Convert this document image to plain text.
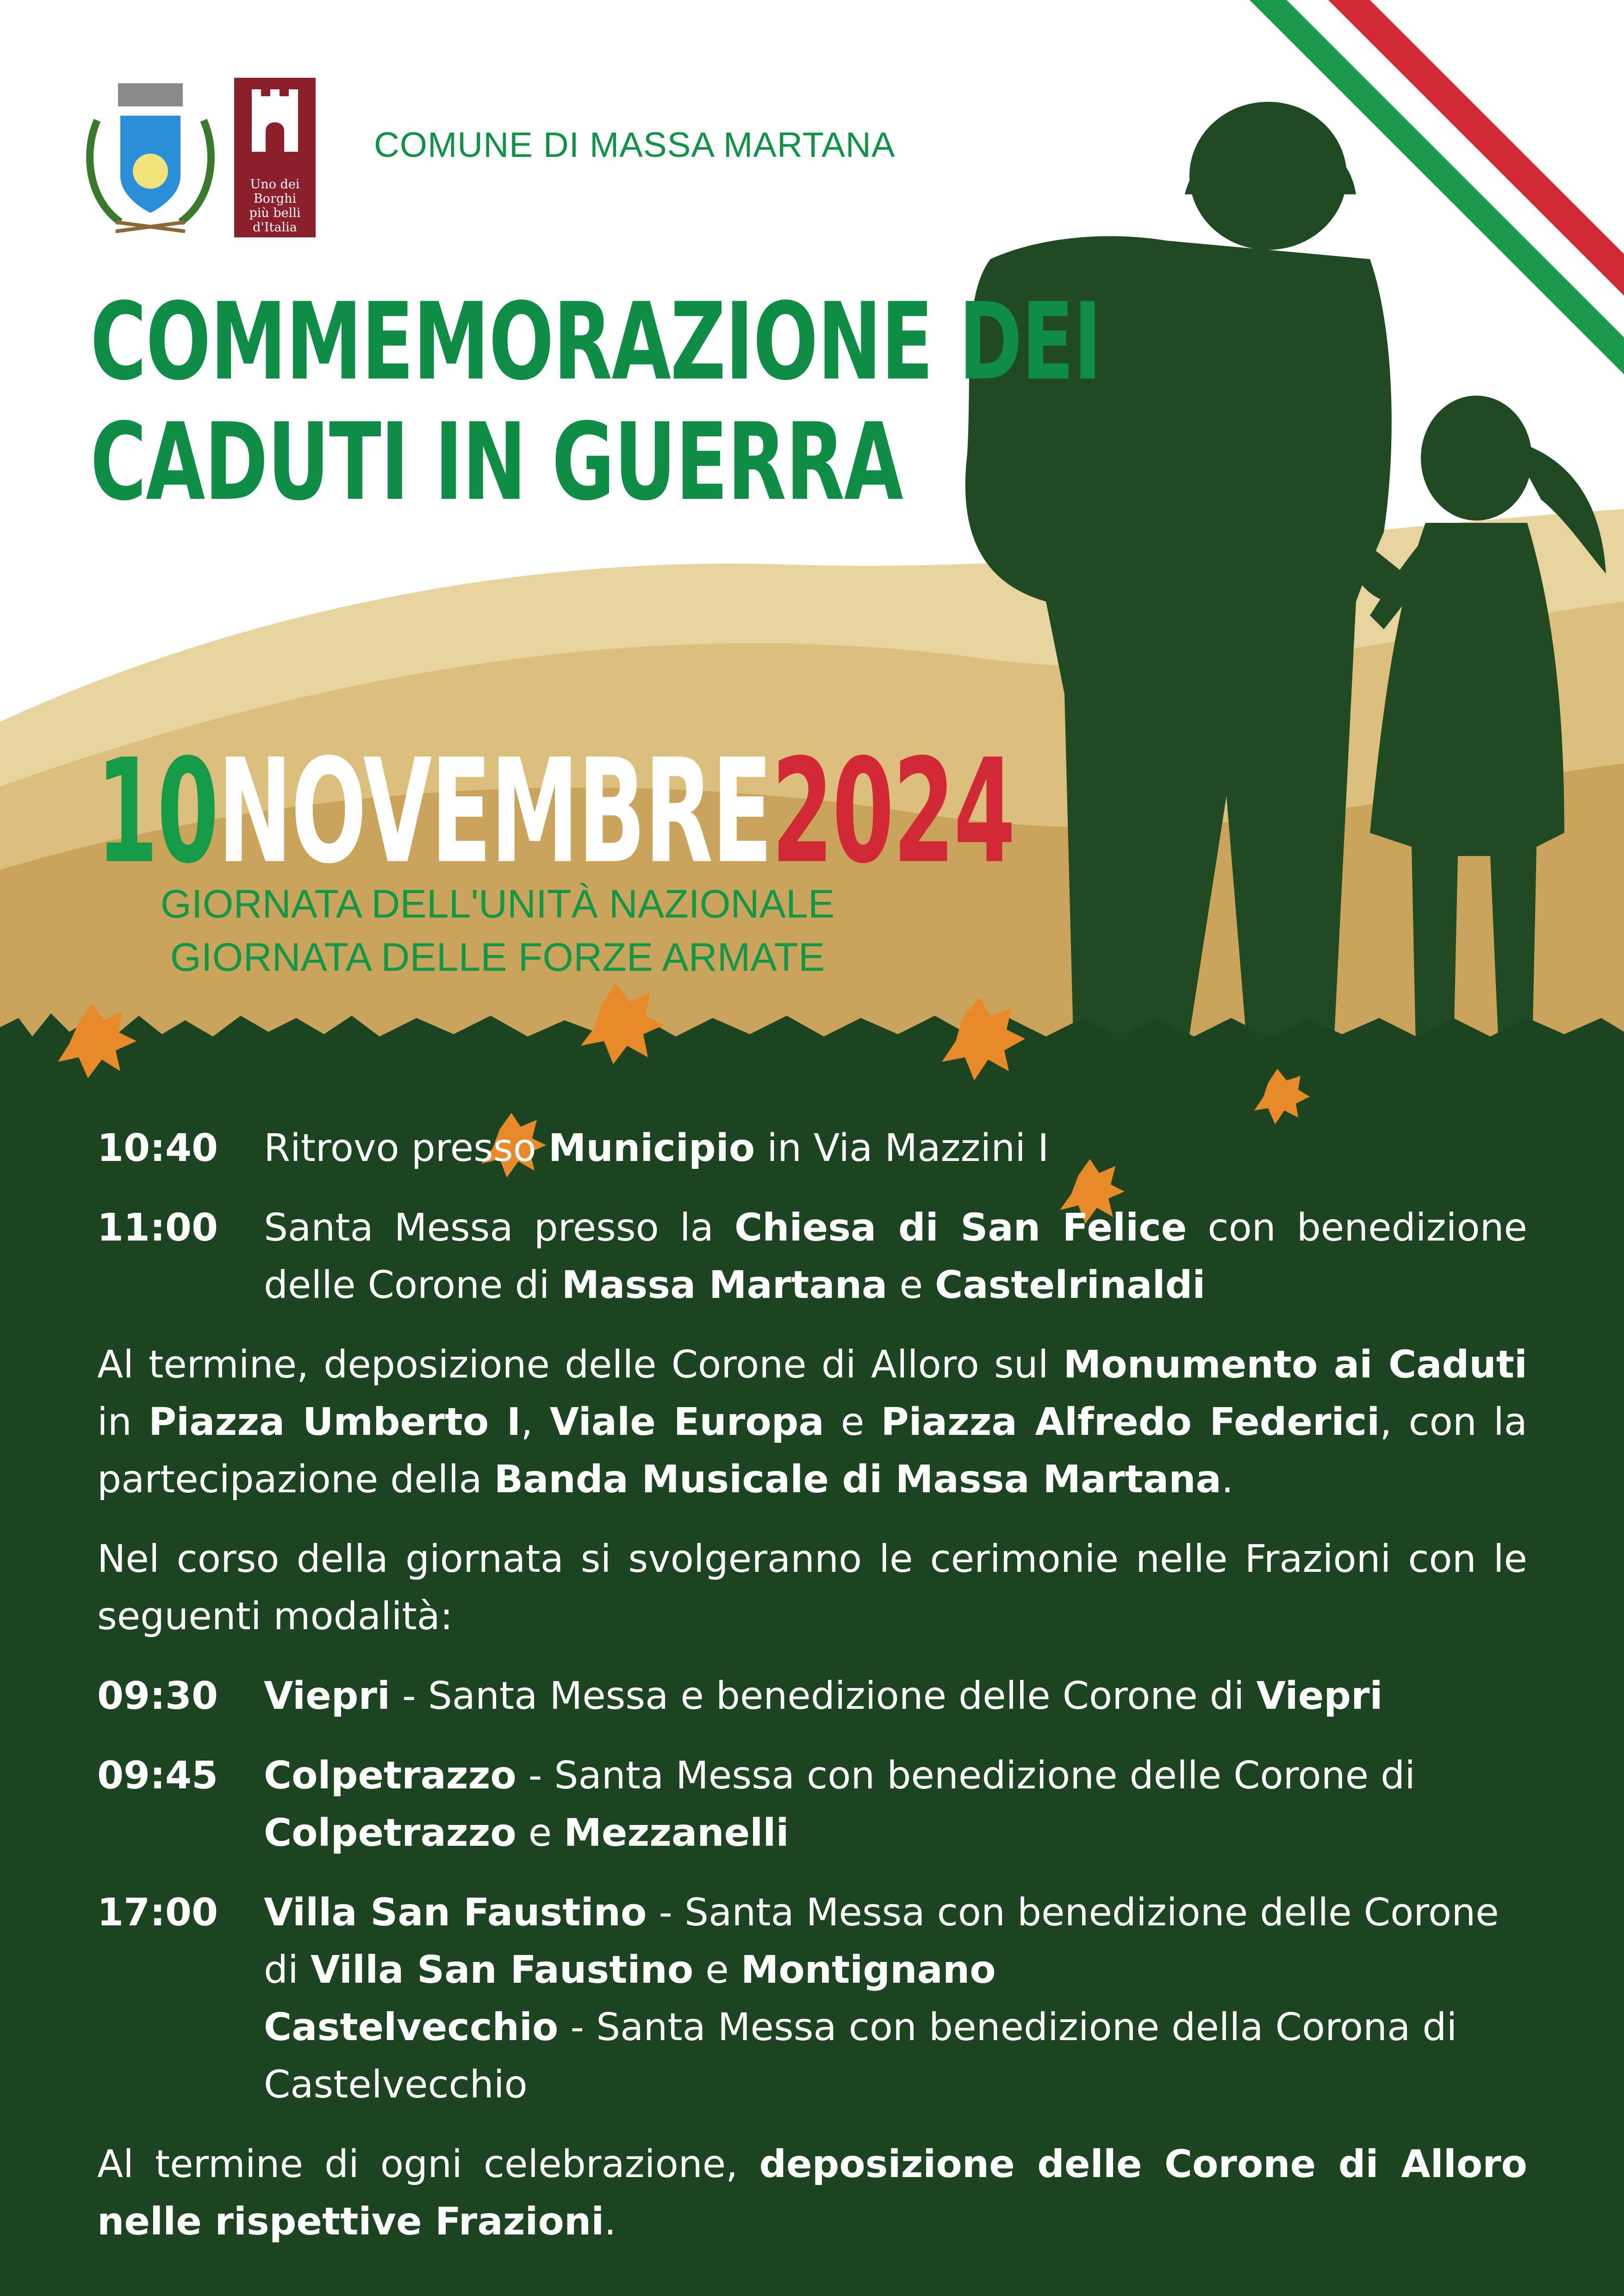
Uno dei
Borghi
più belli
d'Italia
COMUNE DI MASSA MARTANA
COMMEMORAZIONE DEI
CADUTI IN GUERRA
10NOVEMBRE2024
GIORNATA DELL'UNITÀ NAZIONALE
GIORNATA DELLE FORZE ARMATE
10:40	Ritrovo presso Municipio in Via Mazzini I
11:00	Santa Messa presso la Chiesa di San Felice con benedizione delle Corone di Massa Martana e Castelrinaldi
Al termine, deposizione delle Corone di Alloro sul Monumento ai Caduti in Piazza Umberto I, Viale Europa e Piazza Alfredo Federici, con la partecipazione della Banda Musicale di Massa Martana.
Nel corso della giornata si svolgeranno le cerimonie nelle Frazioni con le seguenti modalità:
09:30	Viepri - Santa Messa e benedizione delle Corone di Viepri
09:45	Colpetrazzo - Santa Messa con benedizione delle Corone di Colpetrazzo e Mezzanelli
17:00	Villa San Faustino - Santa Messa con benedizione delle Corone di Villa San Faustino e Montignano
Castelvecchio - Santa Messa con benedizione della Corona di Castelvecchio
Al termine di ogni celebrazione, deposizione delle Corone di Alloro nelle rispettive Frazioni.
